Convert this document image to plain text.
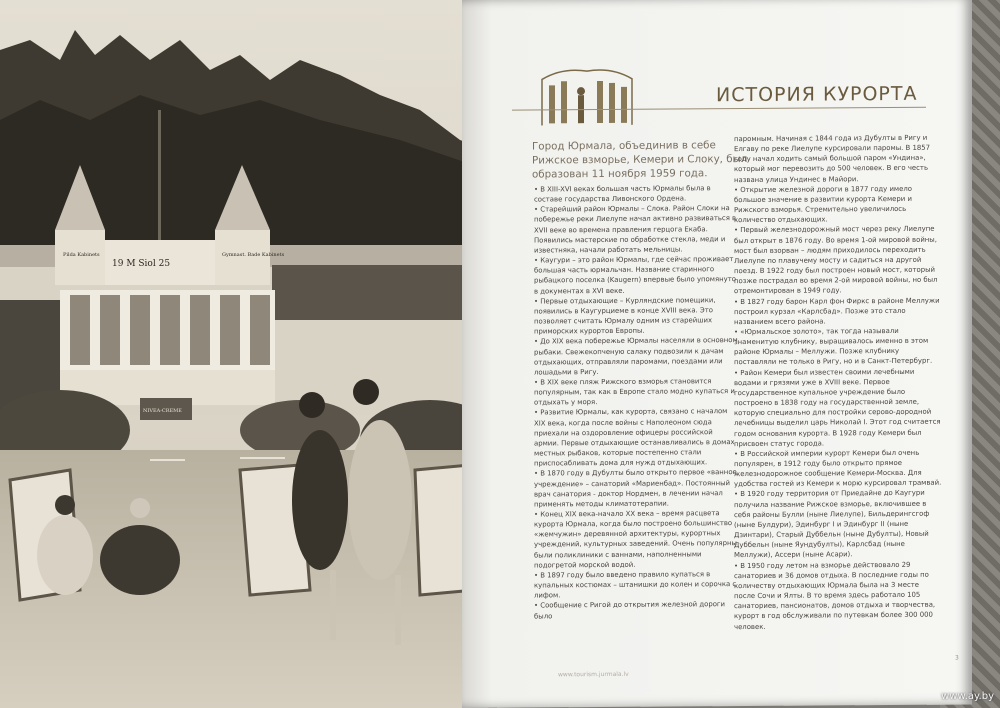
19 M Siol 25
Pilda Kabinets	Gymnast. Bade Kabinets
NIVEA-CREME
ИСТОРИЯ КУРОРТА
Город Юрмала, объединив в себе Рижское взморье, Кемери и Слоку, был образован 11 ноября 1959 года.

• В XIII-XVI веках большая часть Юрмалы была в составе государства Ливонского Ордена.

• Старейший район Юрмалы – Слока. Район Слоки на побережье реки Лиелупе начал активно развиваться в XVII веке во времена правления герцога Екаба. Появились мастерские по обработке стекла, меди и известняка, начали работать мельницы.

• Каугури – это район Юрмалы, где сейчас проживает большая часть юрмальчан. Название старинного рыбацкого поселка (Kaugern) впервые было упомянуто в документах в XVI веке.

• Первые отдыхающие – Курляндские помещики, появились в Каугурциеме в конце XVIII века. Это позволяет считать Юрмалу одним из старейших приморских курортов Европы.

• До XIX века побережье Юрмалы населяли в основном рыбаки. Свежекопченую салаку подвозили к дачам отдыхающих, отправляли паромами, поездами или лошадьми в Ригу.

• В XIX веке пляж Рижского взморья становится популярным, так как в Европе стало модно купаться и отдыхать у моря.

• Развитие Юрмалы, как курорта, связано с началом XIX века, когда после войны с Наполеоном сюда приехали на оздоровление офицеры российской армии. Первые отдыхающие останавливались в домах местных рыбаков, которые постепенно стали приспосабливать дома для нужд отдыхающих.

• В 1870 году в Дубулты было открыто первое «ванное учреждение» – санаторий «Мариенбад». Постоянный врач санатория - доктор Нордмен, в лечении начал применять методы климатотерапии.

• Конец XIX века-начало XX века – время расцвета курорта Юрмала, когда было построено большинство «жемчужин» деревянной архитектуры, курортных учреждений, культурных заведений. Очень популярны были поликлиники с ваннами, наполненными подогретой морской водой.

• В 1897 году было введено правило купаться в купальных костюмах – штанишки до колен и сорочка с лифом.

• Сообщение с Ригой до открытия железной дороги было

паромным. Начиная с 1844 года из Дубулты в Ригу и Елгаву по реке Лиелупе курсировали паромы. В 1857 году начал ходить самый большой паром «Ундина», который мог перевозить до 500 человек. В его честь названа улица Ундинес в Майори.

• Открытие железной дороги в 1877 году имело большое значение в развитии курорта Кемери и Рижского взморья. Стремительно увеличилось количество отдыхающих.

• Первый железнодорожный мост через реку Лиелупе был открыт в 1876 году. Во время 1-ой мировой войны, мост был взорван – людям приходилось переходить Лиелупе по плавучему мосту и садиться на другой поезд. В 1922 году был построен новый мост, который позже пострадал во время 2-ой мировой войны, но был отремонтирован в 1949 году.

• В 1827 году барон Карл фон Фиркс в районе Меллужи построил курзал «Карлсбад». Позже это стало названием всего района.

• «Юрмальское золото», так тогда называли знаменитую клубнику, выращивалось именно в этом районе Юрмалы – Меллужи. Позже клубнику поставляли не только в Ригу, но и в Санкт-Петербург.

• Район Кемери был известен своими лечебными водами и грязями уже в XVIII веке. Первое государственное купальное учреждение было построено в 1838 году на государственной земле, которую специально для постройки серово-дородной лечебницы выделил царь Николай I. Этот год считается годом основания курорта. В 1928 году Кемери был присвоен статус города.

• В Российской империи курорт Кемери был очень популярен, в 1912 году было открыто прямое железнодорожное сообщение Кемери-Москва. Для удобства гостей из Кемери к морю курсировал трамвай.

• В 1920 году территория от Приедайне до Каугури получила название Рижское взморье, включившее в себя районы Булли (ныне Лиелупе), Бильдерингсгоф (ныне Булдури), Эдинбург I и Эдинбург II (ныне Дзинтари), Старый Дуббельн (ныне Дубулты), Новый Дуббельн (ныне Яундубулты), Карлсбад (ныне Меллужи), Ассери (ныне Асари).

• В 1950 году летом на взморье действовало 29 санаториев и 36 домов отдыха. В последние годы по количеству отдыхающих Юрмала была на 3 месте после Сочи и Ялты. В то время здесь работало 105 санаториев, пансионатов, домов отдыха и творчества, курорт в год обслуживали по путевкам более 300 000 человек.

www.tourism.jurmala.lv
3
www.ay.by
